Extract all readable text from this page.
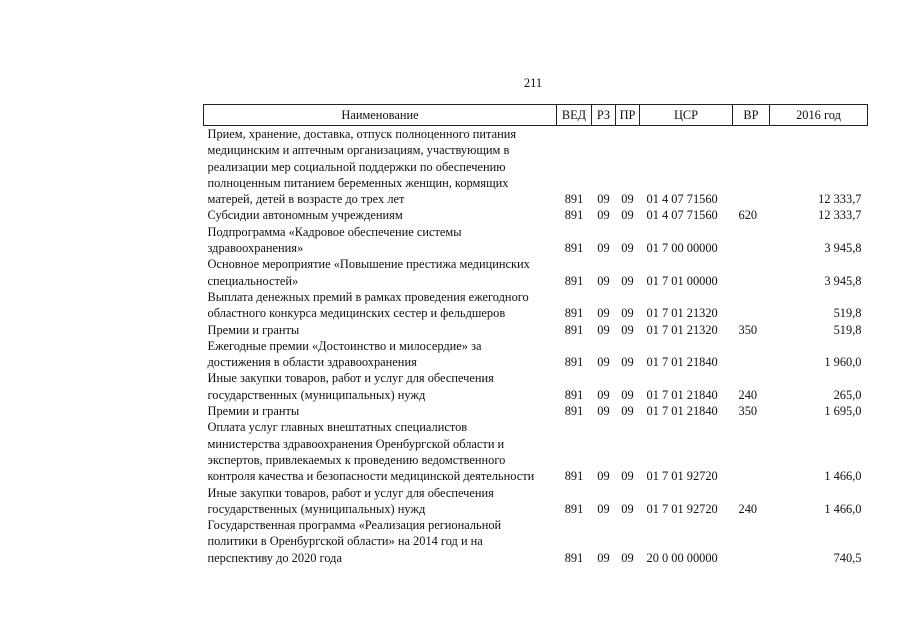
211
Наименование	ВЕД	РЗ	ПР	ЦСР	ВР	2016 год

Прием, хранение, доставка, отпуск полноценного питания
медицинским и аптечным организациям, участвующим в
реализации мер социальной поддержки по обеспечению
полноценным питанием беременных женщин, кормящих
матерей, детей в возрасте до трех лет	891	09	09	01 4 07 71560		12 333,7

Субсидии автономным учреждениям	891	09	09	01 4 07 71560	620	12 333,7

Подпрограмма «Кадровое обеспечение системы
здравоохранения»	891	09	09	01 7 00 00000		3 945,8

Основное мероприятие «Повышение престижа медицинских
специальностей»	891	09	09	01 7 01 00000		3 945,8

Выплата денежных премий в рамках проведения ежегодного
областного конкурса медицинских сестер и фельдшеров	891	09	09	01 7 01 21320		519,8

Премии и гранты	891	09	09	01 7 01 21320	350	519,8

Ежегодные премии «Достоинство и милосердие» за
достижения в области здравоохранения	891	09	09	01 7 01 21840		1 960,0

Иные закупки товаров, работ и услуг для обеспечения
государственных (муниципальных) нужд	891	09	09	01 7 01 21840	240	265,0

Премии и гранты	891	09	09	01 7 01 21840	350	1 695,0

Оплата услуг главных внештатных специалистов
министерства здравоохранения Оренбургской области и
экспертов, привлекаемых к проведению ведомственного
контроля качества и безопасности медицинской деятельности	891	09	09	01 7 01 92720		1 466,0

Иные закупки товаров, работ и услуг для обеспечения
государственных (муниципальных) нужд	891	09	09	01 7 01 92720	240	1 466,0

Государственная программа «Реализация региональной
политики в Оренбургской области» на 2014 год и на
перспективу до 2020 года	891	09	09	20 0 00 00000		740,5
